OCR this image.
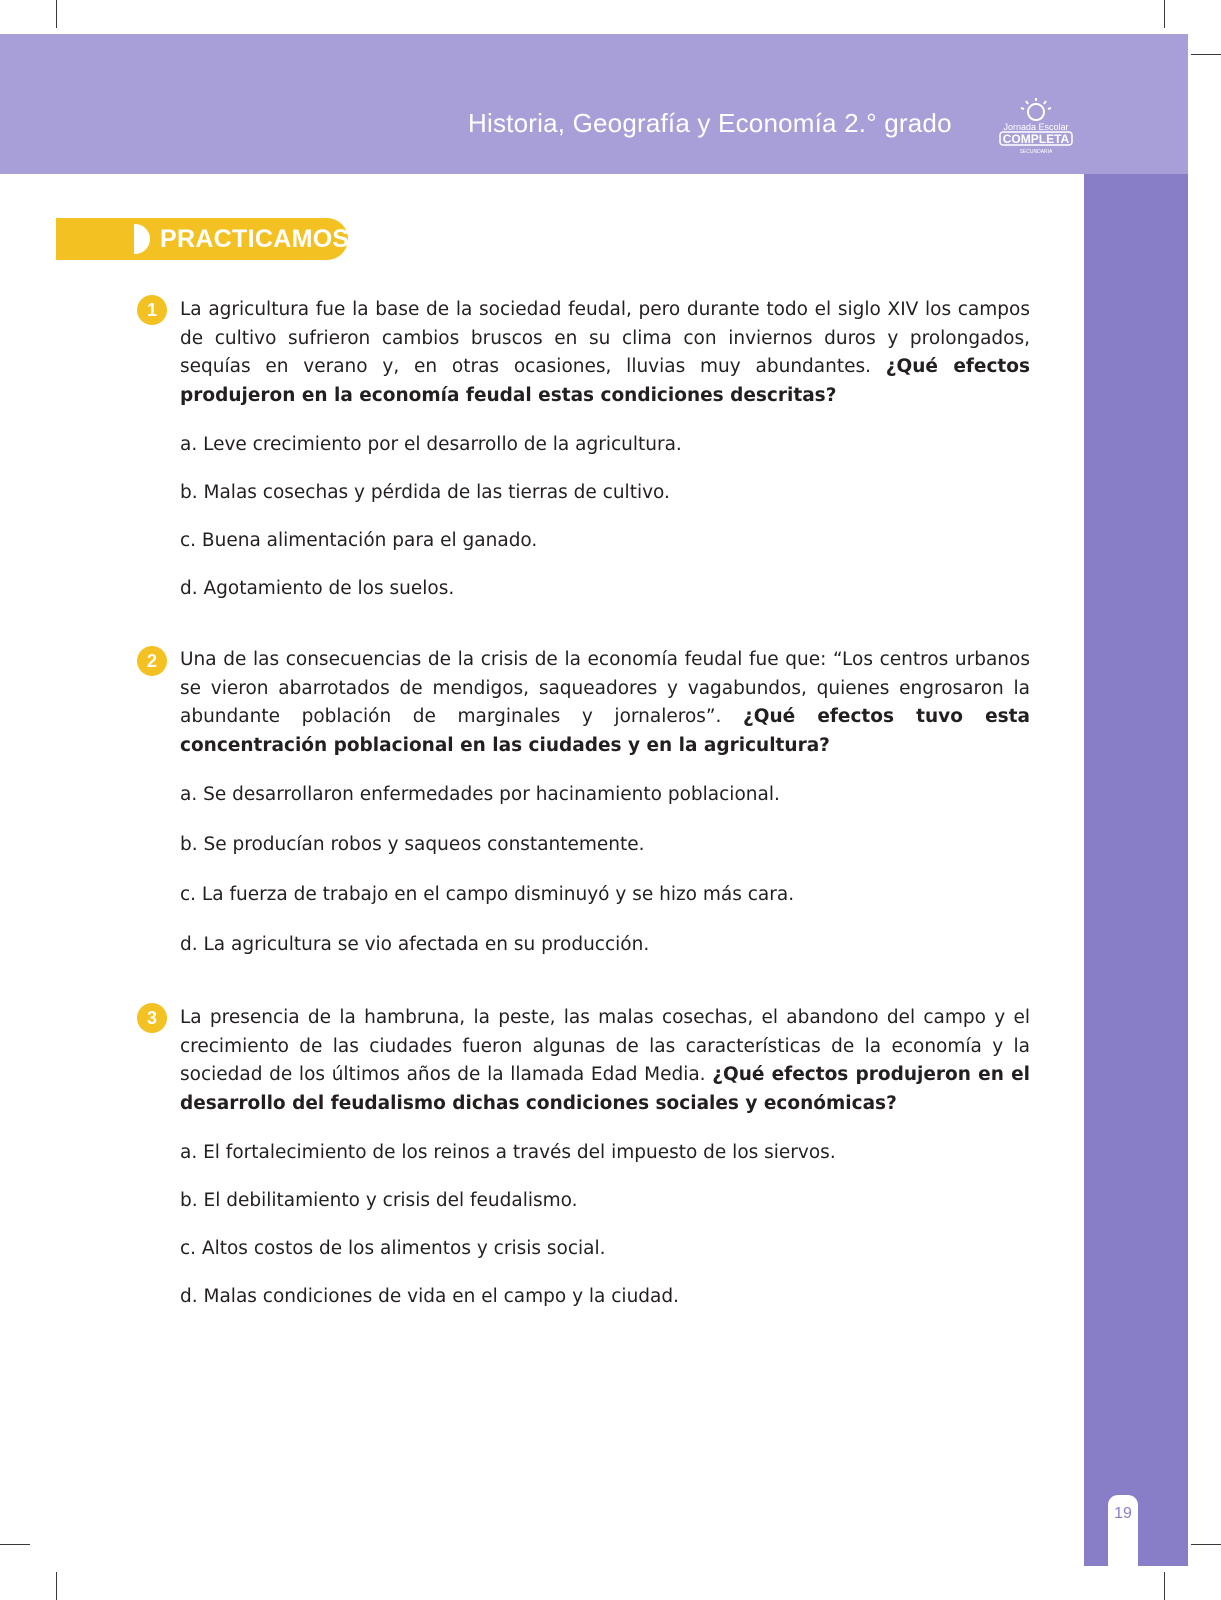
Historia, Geografía y Economía 2.° grado	Jornada Escolar
COMPLETA
SECUNDARIA
19
PRACTICAMOS
1	La agricultura fue la base de la sociedad feudal, pero durante todo el siglo XIV los campos de cultivo sufrieron cambios bruscos en su clima con inviernos duros y prolongados, sequías en verano y, en otras ocasiones, lluvias muy abundantes. ¿Qué efectos produjeron en la economía feudal estas condiciones descritas?
a. Leve crecimiento por el desarrollo de la agricultura.
b. Malas cosechas y pérdida de las tierras de cultivo.
c. Buena alimentación para el ganado.
d. Agotamiento de los suelos.
2	Una de las consecuencias de la crisis de la economía feudal fue que: “Los centros urbanos se vieron abarrotados de mendigos, saqueadores y vagabundos, quienes engrosaron la abundante población de marginales y jornaleros”. ¿Qué efectos tuvo esta concentración poblacional en las ciudades y en la agricultura?
a. Se desarrollaron enfermedades por hacinamiento poblacional.
b. Se producían robos y saqueos constantemente.
c. La fuerza de trabajo en el campo disminuyó y se hizo más cara.
d. La agricultura se vio afectada en su producción.
3	La presencia de la hambruna, la peste, las malas cosechas, el abandono del campo y el crecimiento de las ciudades fueron algunas de las características de la economía y la sociedad de los últimos años de la llamada Edad Media. ¿Qué efectos produjeron en el desarrollo del feudalismo dichas condiciones sociales y económicas?
a. El fortalecimiento de los reinos a través del impuesto de los siervos.
b. El debilitamiento y crisis del feudalismo.
c. Altos costos de los alimentos y crisis social.
d. Malas condiciones de vida en el campo y la ciudad.
